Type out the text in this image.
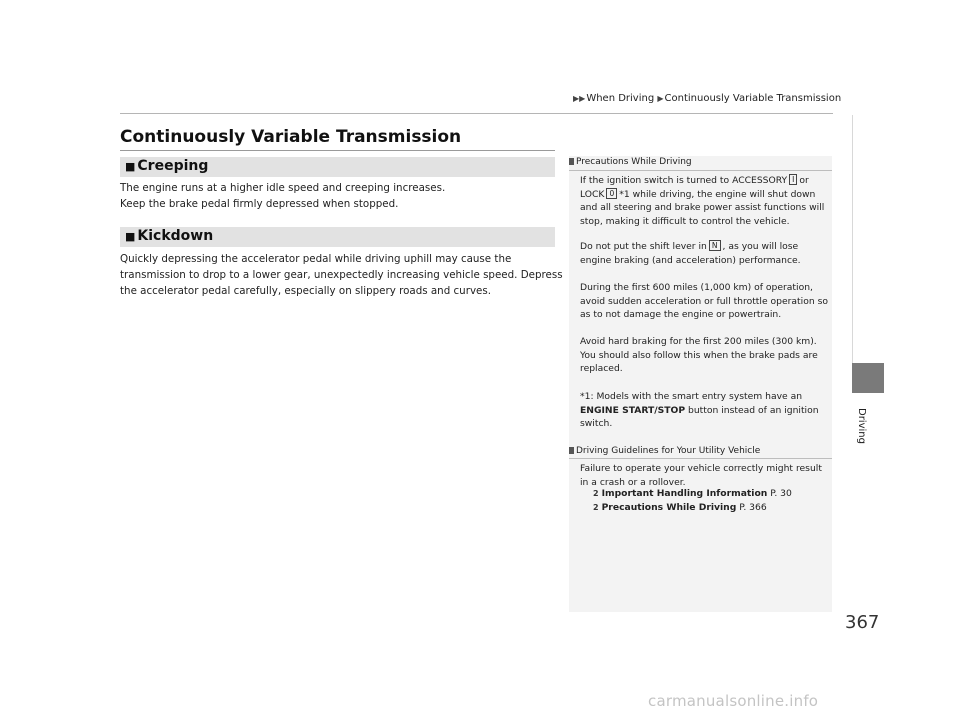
▶▶When Driving ▶Continuously Variable Transmission
Driving
Continuously Variable Transmission
■ Creeping
The engine runs at a higher idle speed and creeping increases.
Keep the brake pedal firmly depressed when stopped.
■ Kickdown
Quickly depressing the accelerator pedal while driving uphill may cause the
transmission to drop to a lower gear, unexpectedly increasing vehicle speed. Depress
the accelerator pedal carefully, especially on slippery roads and curves.
Precautions While Driving
If the ignition switch is turned to ACCESSORY I or
LOCK 0 *1 while driving, the engine will shut down
and all steering and brake power assist functions will
stop, making it difficult to control the vehicle.
Do not put the shift lever in N , as you will lose
engine braking (and acceleration) performance.
During the first 600 miles (1,000 km) of operation,
avoid sudden acceleration or full throttle operation so
as to not damage the engine or powertrain.
Avoid hard braking for the first 200 miles (300 km).
You should also follow this when the brake pads are
replaced.
*1: Models with the smart entry system have an
ENGINE START/STOP button instead of an ignition
switch.
Driving Guidelines for Your Utility Vehicle
Failure to operate your vehicle correctly might result
in a crash or a rollover.
2 Important Handling Information P. 30
2 Precautions While Driving P. 366
367
carmanualsonline.info
